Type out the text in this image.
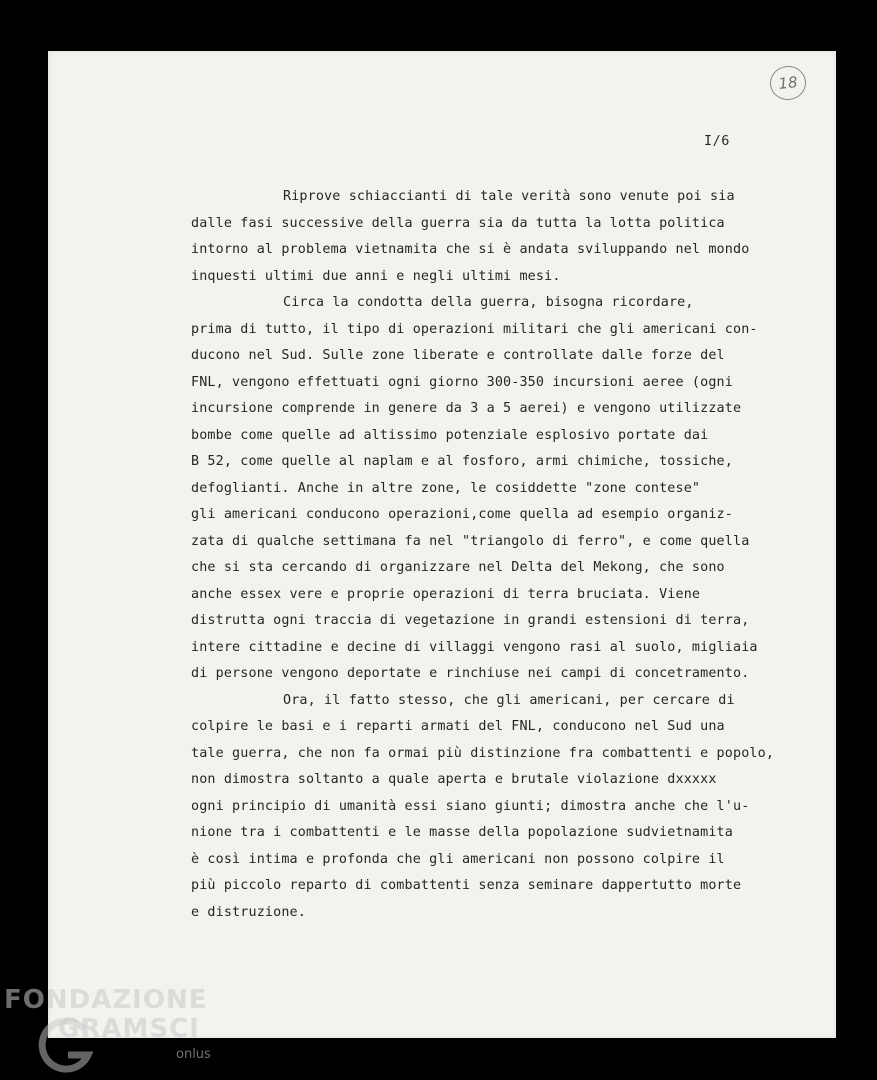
18
I/6
Riprove schiaccianti di tale verità sono venute poi sia
dalle fasi successive della guerra sia da tutta la lotta politica
intorno al problema vietnamita che si è andata sviluppando nel mondo
inquesti ultimi due anni e negli ultimi mesi.
Circa la condotta della guerra, bisogna ricordare,
prima di tutto, il tipo di operazioni militari che gli americani con-
ducono nel Sud. Sulle zone liberate e controllate dalle forze del
FNL, vengono effettuati ogni giorno 300-350 incursioni aeree (ogni
incursione comprende in genere da 3 a 5 aerei) e vengono utilizzate
bombe come quelle ad altissimo potenziale esplosivo portate dai
B 52, come quelle al naplam e al fosforo, armi chimiche, tossiche,
defoglianti. Anche in altre zone, le cosiddette "zone contese"
gli americani conducono operazioni,come quella ad esempio organiz-
zata di qualche settimana fa nel "triangolo di ferro", e come quella
che si sta cercando di organizzare nel Delta del Mekong, che sono
anche essex vere e proprie operazioni di terra bruciata. Viene
distrutta ogni traccia di vegetazione in grandi estensioni di terra,
intere cittadine e decine di villaggi vengono rasi al suolo, migliaia
di persone vengono deportate e rinchiuse nei campi di concetramento.
Ora, il fatto stesso, che gli americani, per cercare di
colpire le basi e i reparti armati del FNL, conducono nel Sud una
tale guerra, che non fa ormai più distinzione fra combattenti e popolo,
non dimostra soltanto a quale aperta e brutale violazione dxxxxx
ogni principio di umanità essi siano giunti; dimostra anche che l'u-
nione tra i combattenti e le masse della popolazione sudvietnamita
è così intima e profonda che gli americani non possono colpire il
più piccolo reparto di combattenti senza seminare dappertutto morte
e distruzione.
FONDAZIONE
GRAMSCI
onlus
